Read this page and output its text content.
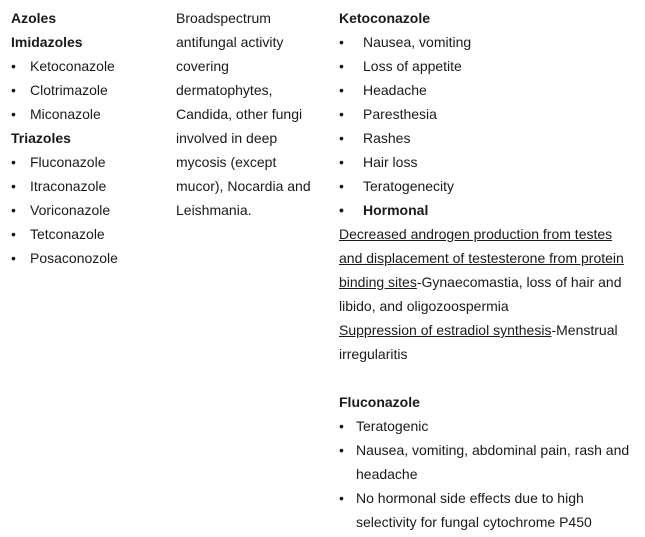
Azoles
Imidazoles
• Ketoconazole
• Clotrimazole
• Miconazole
Triazoles
• Fluconazole
• Itraconazole
• Voriconazole
• Tetconazole
• Posaconozole
Broadspectrum
antifungal activity
covering
dermatophytes,
Candida, other fungi
involved in deep
mycosis (except
mucor), Nocardia and
Leishmania.
Ketoconazole
• Nausea, vomiting
• Loss of appetite
• Headache
• Paresthesia
• Rashes
• Hair loss
• Teratogenecity
• Hormonal

Decreased androgen production from testes and displacement of testesterone from protein binding sites-Gynaecomastia, loss of hair and libido, and oligozoospermia

Suppression of estradiol synthesis-Menstrual irregularitis

Fluconazole
• Teratogenic
• Nausea, vomiting, abdominal pain, rash and headache
• No hormonal side effects due to high selectivity for fungal cytochrome P450
